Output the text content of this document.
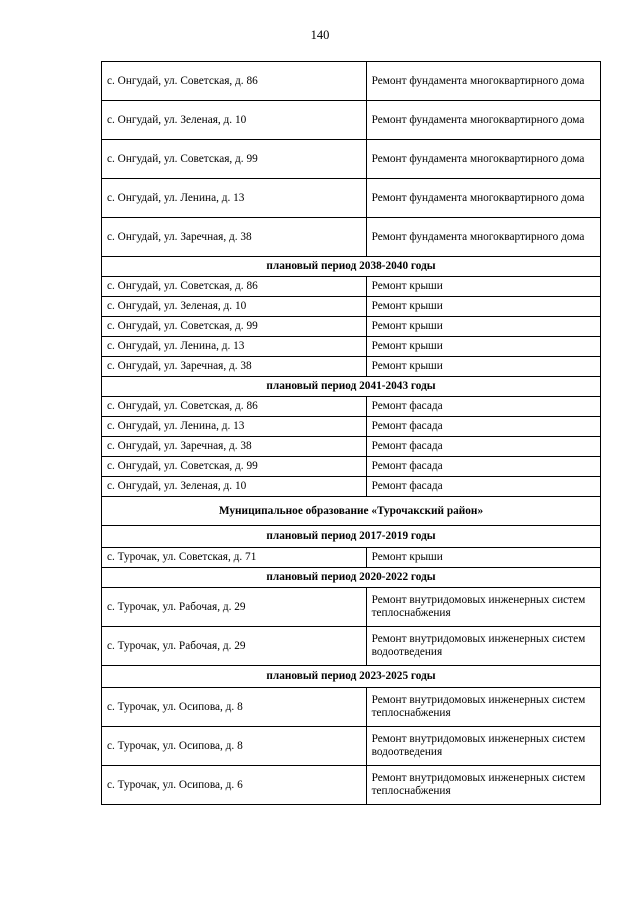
140
с. Онгудай, ул. Советская, д. 86	Ремонт фундамента многоквартирного дома
с. Онгудай, ул. Зеленая, д. 10	Ремонт фундамента многоквартирного дома
с. Онгудай, ул. Советская, д. 99	Ремонт фундамента многоквартирного дома
с. Онгудай, ул. Ленина, д. 13	Ремонт фундамента многоквартирного дома
с. Онгудай, ул. Заречная, д. 38	Ремонт фундамента многоквартирного дома
плановый период 2038-2040 годы	
с. Онгудай, ул. Советская, д. 86	Ремонт крыши
с. Онгудай, ул. Зеленая, д. 10	Ремонт крыши
с. Онгудай, ул. Советская, д. 99	Ремонт крыши
с. Онгудай, ул. Ленина, д. 13	Ремонт крыши
с. Онгудай, ул. Заречная, д. 38	Ремонт крыши
плановый период 2041-2043 годы	
с. Онгудай, ул. Советская, д. 86	Ремонт фасада
с. Онгудай, ул. Ленина, д. 13	Ремонт фасада
с. Онгудай, ул. Заречная, д. 38	Ремонт фасада
с. Онгудай, ул. Советская, д. 99	Ремонт фасада
с. Онгудай, ул. Зеленая, д. 10	Ремонт фасада
Муниципальное образование «Турочакский район»	
плановый период 2017-2019 годы	
с. Турочак, ул. Советская, д. 71	Ремонт крыши
плановый период 2020-2022 годы	
с. Турочак, ул. Рабочая, д. 29	Ремонт внутридомовых инженерных систем теплоснабжения
с. Турочак, ул. Рабочая, д. 29	Ремонт внутридомовых инженерных систем водоотведения
плановый период 2023-2025 годы	
с. Турочак, ул. Осипова, д. 8	Ремонт внутридомовых инженерных систем теплоснабжения
с. Турочак, ул. Осипова, д. 8	Ремонт внутридомовых инженерных систем водоотведения
с. Турочак, ул. Осипова, д. 6	Ремонт внутридомовых инженерных систем теплоснабжения
